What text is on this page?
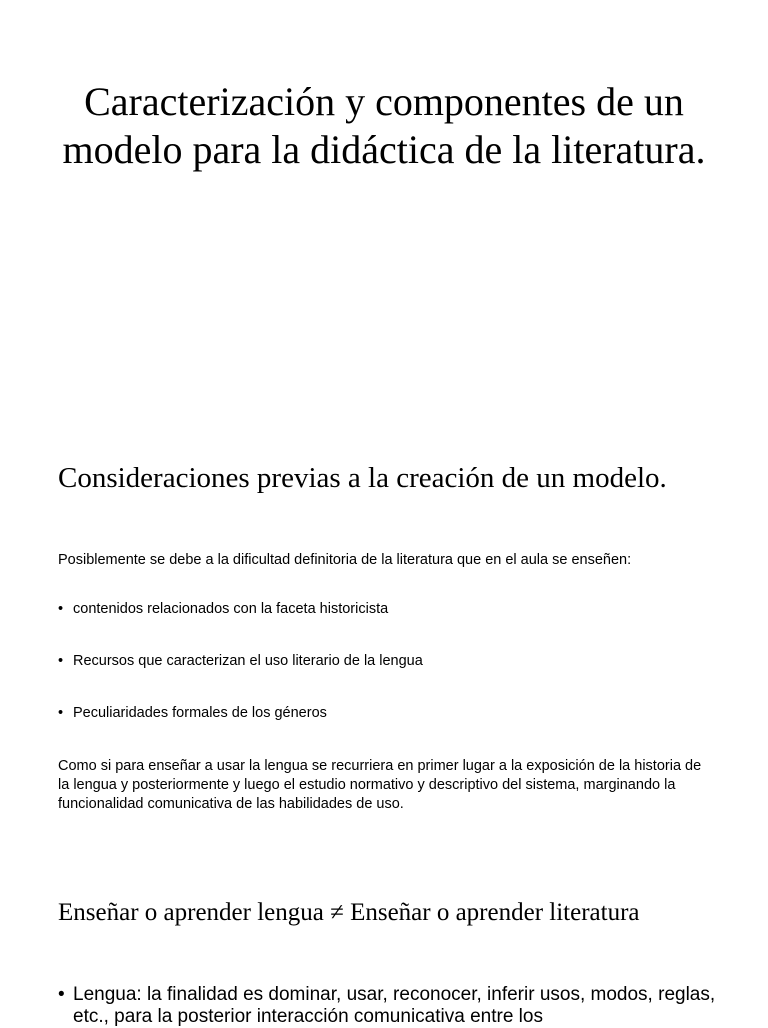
Caracterización y componentes de un modelo para la didáctica de la literatura.
Consideraciones previas a la creación de un modelo.

Posiblemente se debe a la dificultad definitoria de la literatura que en el aula se enseñen:

• contenidos relacionados con la faceta historicista
• Recursos que caracterizan el uso literario de la lengua
• Peculiaridades formales de los géneros

Como si para enseñar a usar la lengua se recurriera en primer lugar a la exposición de la historia de la lengua y posteriormente y luego el estudio normativo y descriptivo del sistema, marginando la funcionalidad comunicativa de las habilidades de uso.

Enseñar o aprender lengua ≠ Enseñar o aprender literatura

• Lengua: la finalidad es dominar, usar, reconocer, inferir usos, modos, reglas, etc., para la posterior interacción comunicativa entre los
